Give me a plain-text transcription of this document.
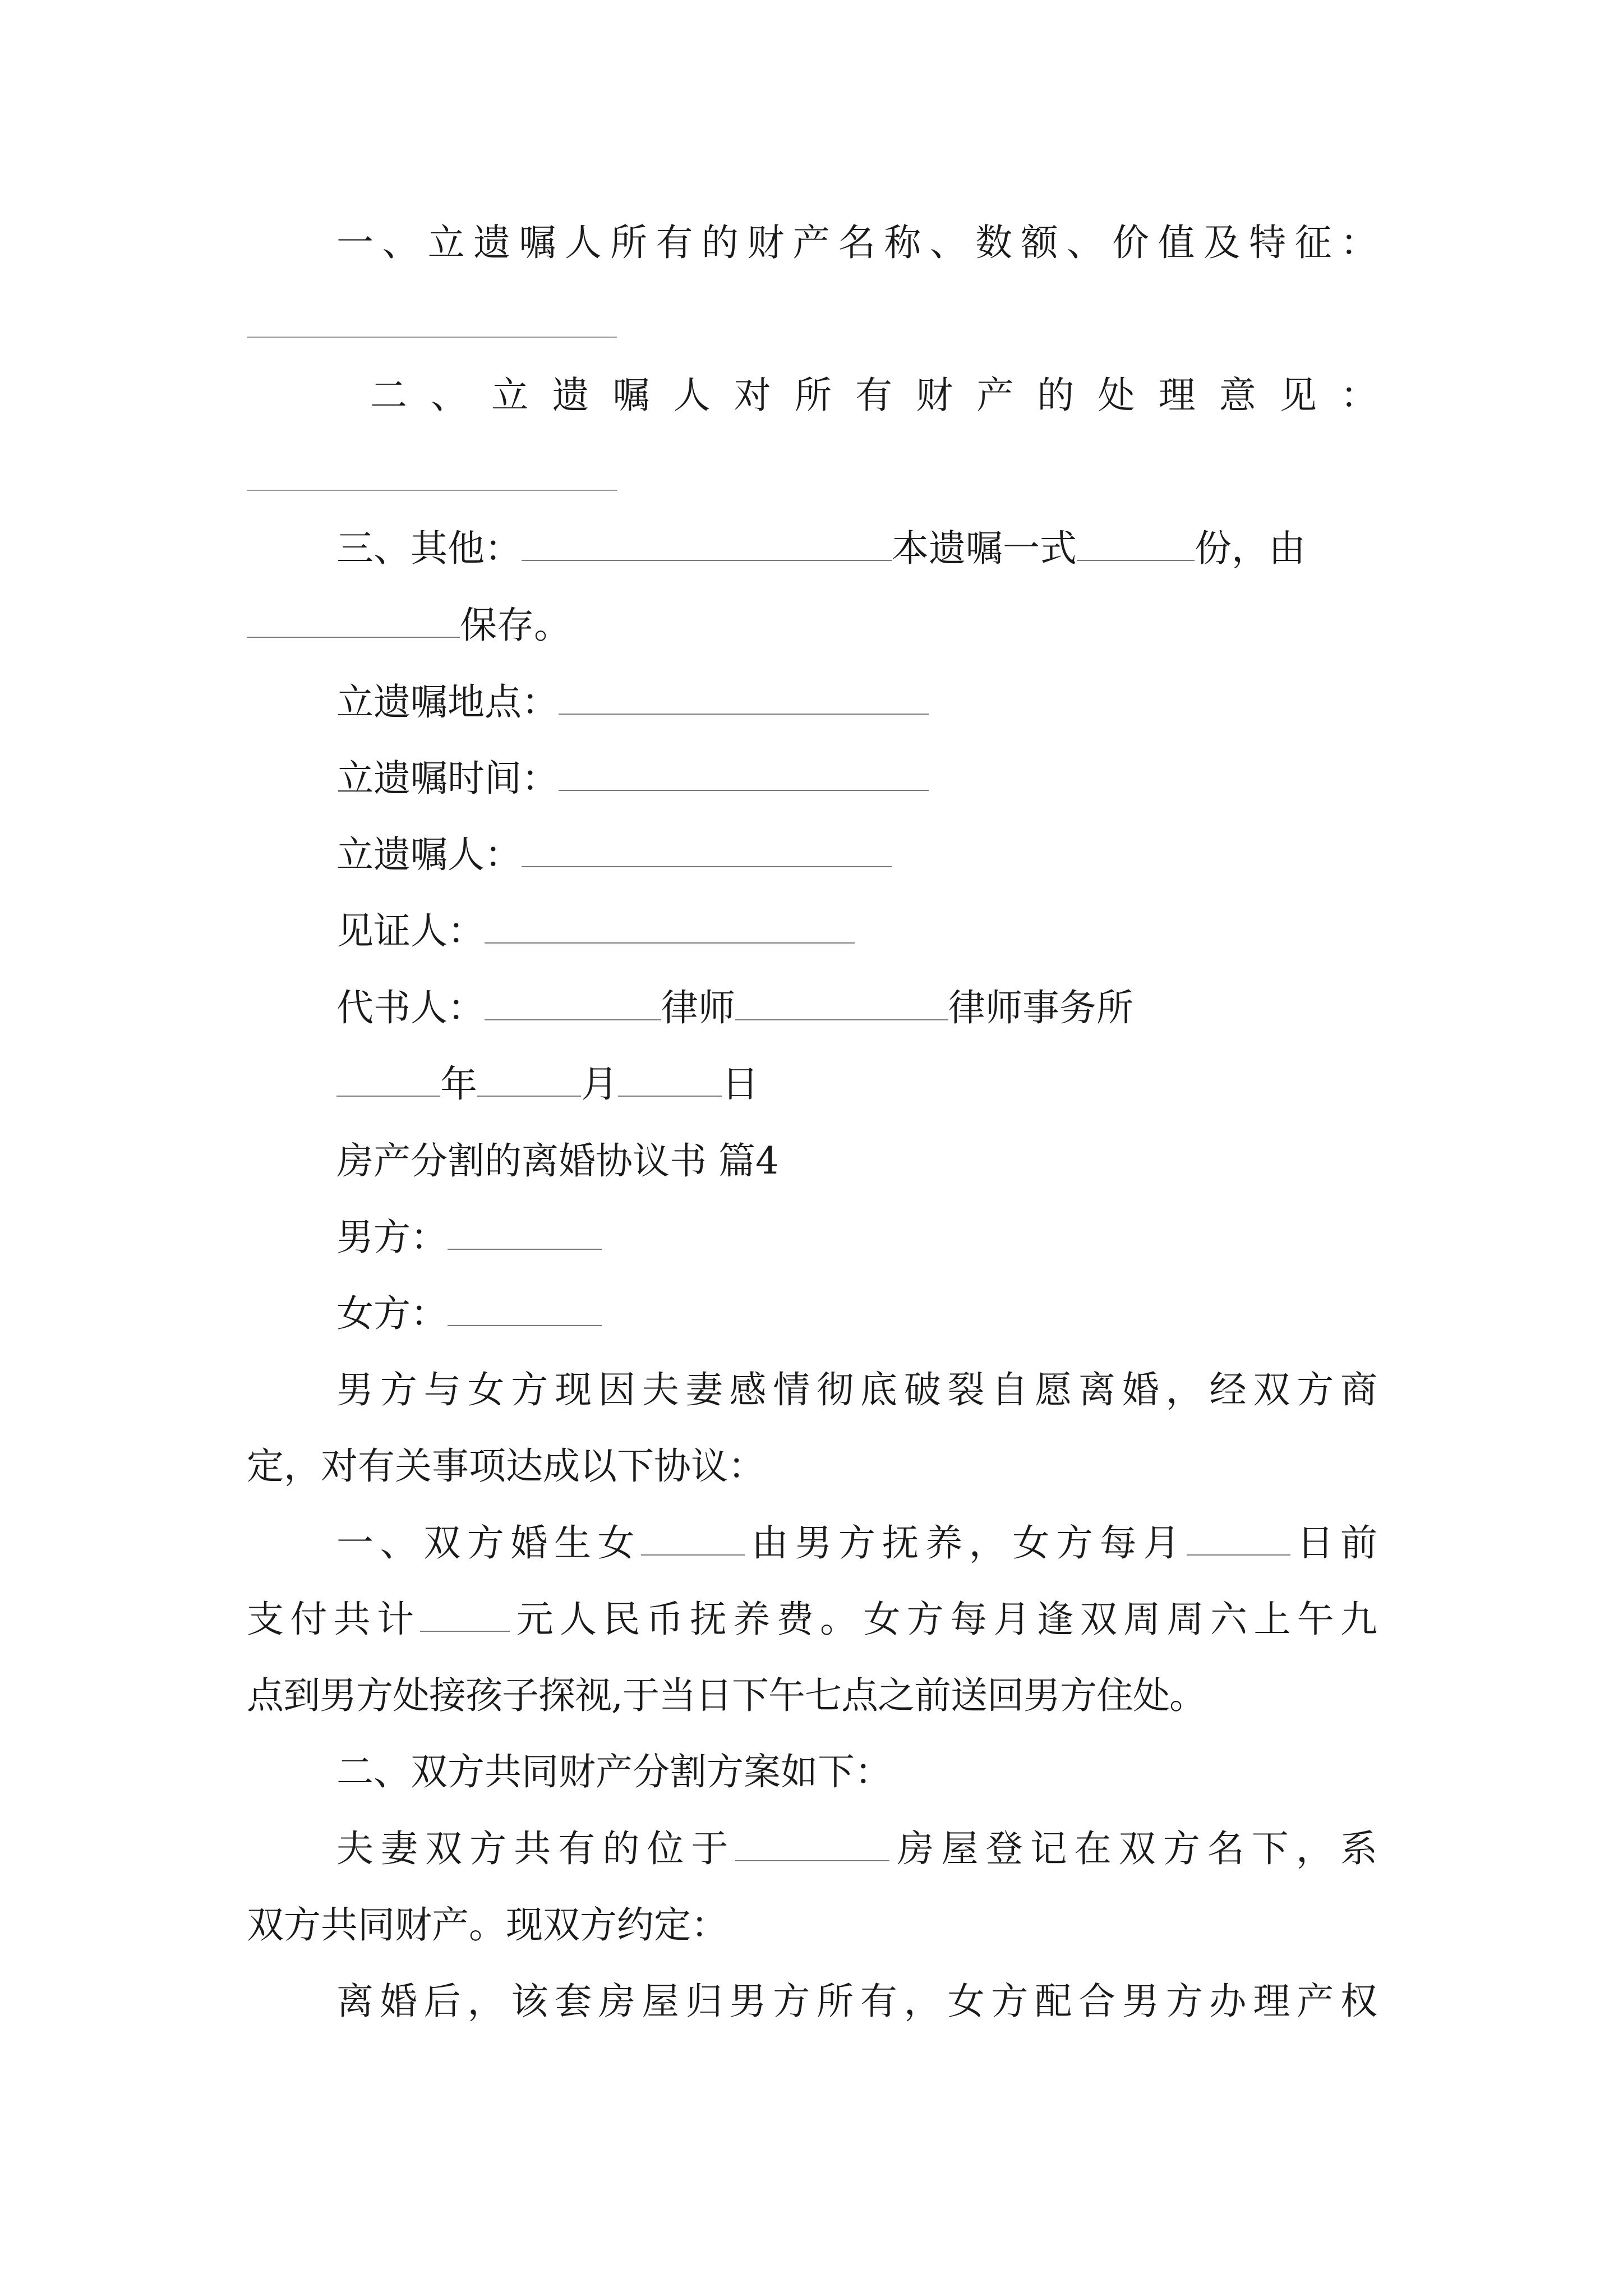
一、立遗嘱人所有的财产名称、数额、价值及特征：
二、立遗嘱人对所有财产的处理意见：
三、其他：	本遗嘱一式	份，由
保存。
立遗嘱地点：
立遗嘱时间：
立遗嘱人：
见证人：
代书人：	律师	律师事务所
年	月	日
房产分割的离婚协议书 篇4
男方：
女方：
男方与女方现因夫妻感情彻底破裂自愿离婚，经双方商
定，对有关事项达成以下协议：
一、双方婚生女	由男方抚养，女方每月	日前
支付共计 元人民币抚养费。女方每月逢双周周六上午九
点到男方处接孩子探视,于当日下午七点之前送回男方住处。
二、双方共同财产分割方案如下：
夫妻双方共有的位于	房屋登记在双方名下，系
双方共同财产。现双方约定：
离婚后，该套房屋归男方所有，女方配合男方办理产权
